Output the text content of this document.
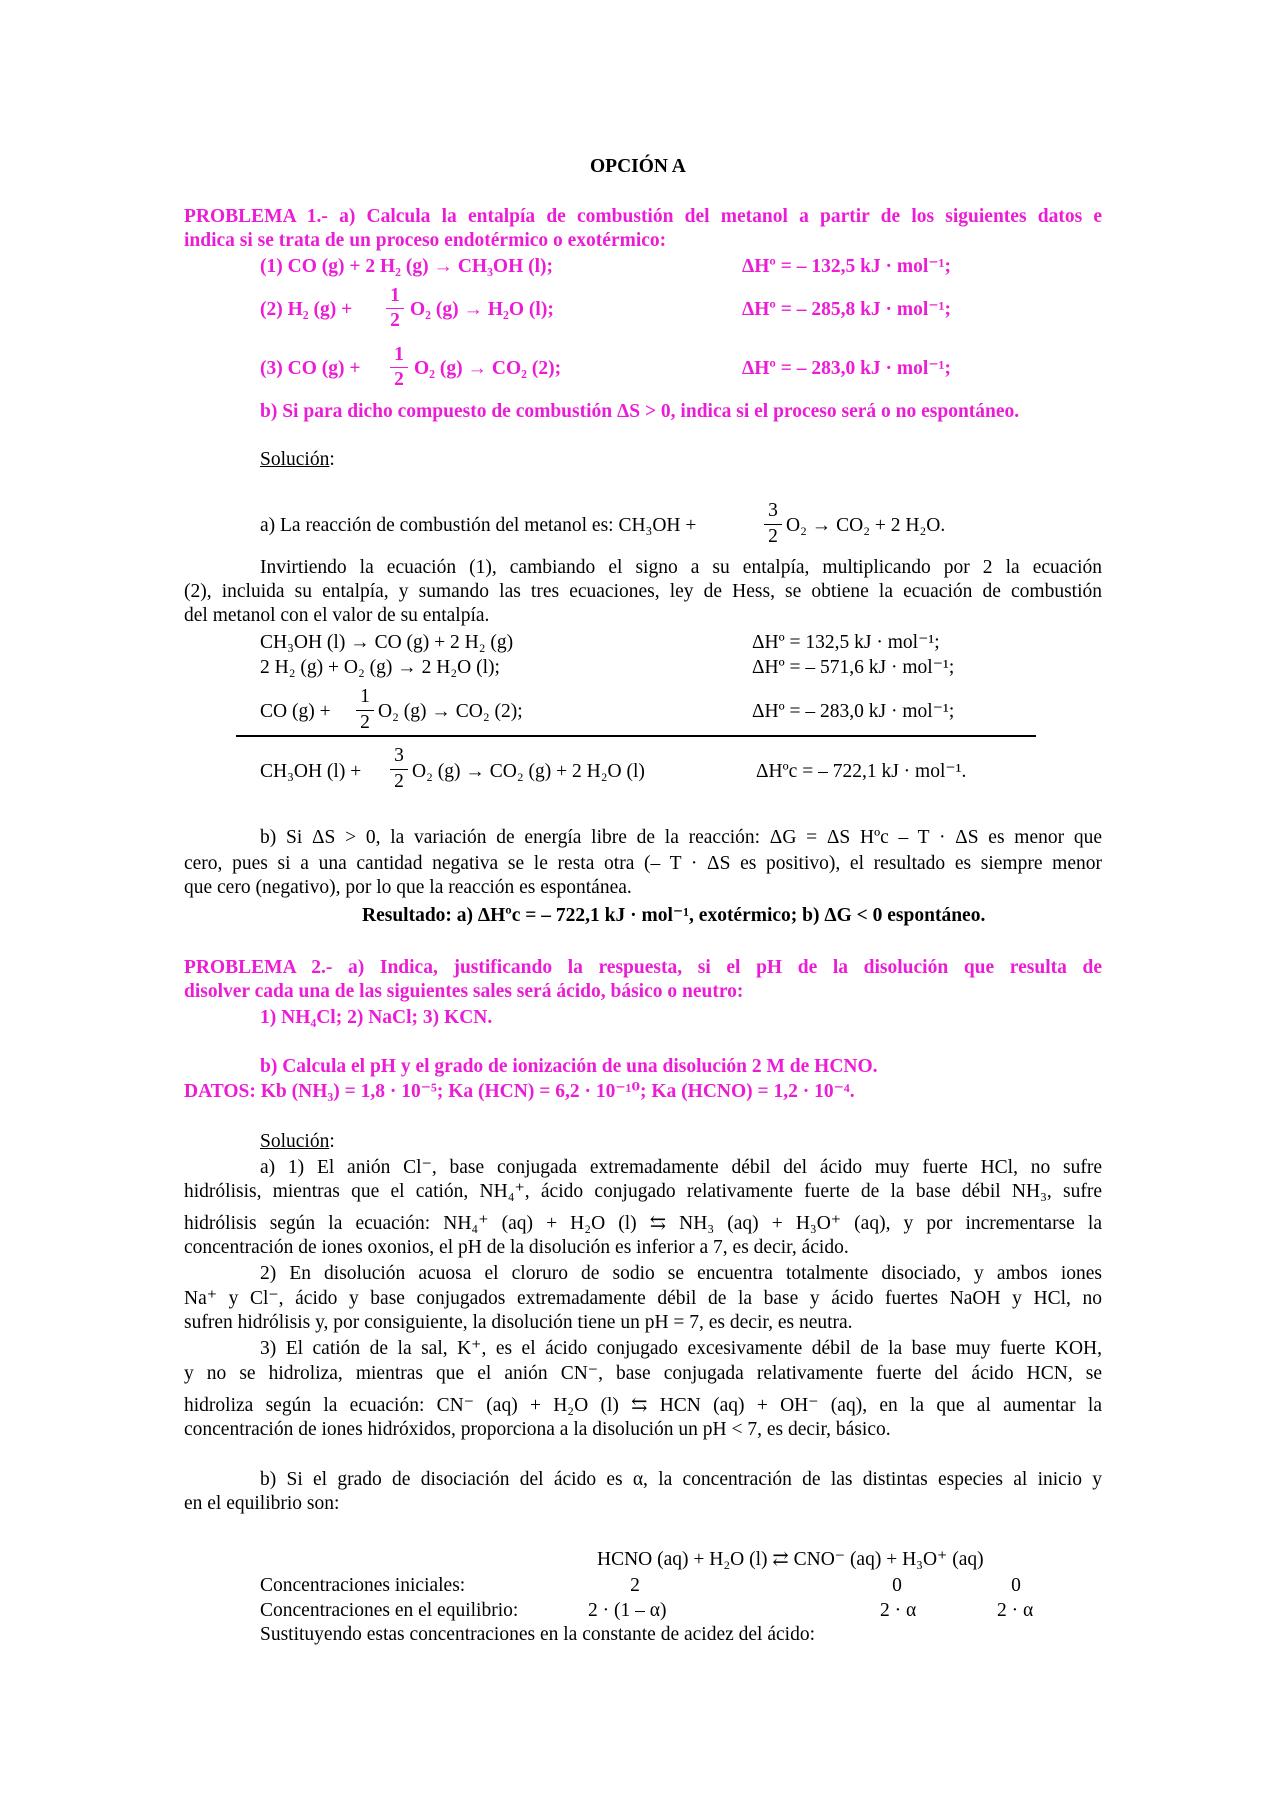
OPCIÓN A
PROBLEMA 1.- a) Calcula la entalpía de combustión del metanol a partir de los siguientes datos e
indica si se trata de un proceso endotérmico o exotérmico:
(1) CO (g) + 2 H₂ (g) → CH₃OH (l);	ΔHº = – 132,5 kJ · mol⁻¹;
(2) H₂ (g) +
1
2
O₂ (g) → H₂O (l);	ΔHº = – 285,8 kJ · mol⁻¹;
(3) CO (g) +
1
2
O₂ (g) → CO₂ (2);	ΔHº = – 283,0 kJ · mol⁻¹;
b) Si para dicho compuesto de combustión ΔS > 0, indica si el proceso será o no espontáneo.
Solución:
a) La reacción de combustión del metanol es: CH₃OH +
3
2
O₂ → CO₂ + 2 H₂O.
Invirtiendo la ecuación (1), cambiando el signo a su entalpía, multiplicando por 2 la ecuación
(2), incluida su entalpía, y sumando las tres ecuaciones, ley de Hess, se obtiene la ecuación de combustión
del metanol con el valor de su entalpía.
CH₃OH (l) → CO (g) + 2 H₂ (g)	ΔHº = 132,5 kJ · mol⁻¹;
2 H₂ (g) + O₂ (g) → 2 H₂O (l);	ΔHº = – 571,6 kJ · mol⁻¹;
CO (g) +
1
2
O₂ (g) → CO₂ (2);	ΔHº = – 283,0 kJ · mol⁻¹;
CH₃OH (l) +
3
2 O₂ (g) → CO₂ (g) + 2 H₂O (l)	ΔHºc = – 722,1 kJ · mol⁻¹.
b) Si ΔS > 0, la variación de energía libre de la reacción: ΔG = ΔS Hºc – T · ΔS es menor que
cero, pues si a una cantidad negativa se le resta otra (– T · ΔS es positivo), el resultado es siempre menor
que cero (negativo), por lo que la reacción es espontánea.
Resultado: a) ΔHºc = – 722,1 kJ · mol⁻¹, exotérmico; b) ΔG < 0 espontáneo.
PROBLEMA 2.- a) Indica, justificando la respuesta, si el pH de la disolución que resulta de
disolver cada una de las siguientes sales será ácido, básico o neutro:
1) NH₄Cl; 2) NaCl; 3) KCN.
b) Calcula el pH y el grado de ionización de una disolución 2 M de HCNO.
DATOS: Kb (NH₃) = 1,8 · 10⁻⁵; Ka (HCN) = 6,2 · 10⁻¹⁰; Ka (HCNO) = 1,2 · 10⁻⁴.
Solución:
a) 1) El anión Cl⁻, base conjugada extremadamente débil del ácido muy fuerte HCl, no sufre
hidrólisis, mientras que el catión, NH₄⁺, ácido conjugado relativamente fuerte de la base débil NH₃, sufre
hidrólisis según la ecuación: NH₄⁺ (aq) + H₂O (l) ⇆ NH₃ (aq) + H₃O⁺ (aq), y por incrementarse la
concentración de iones oxonios, el pH de la disolución es inferior a 7, es decir, ácido.
2) En disolución acuosa el cloruro de sodio se encuentra totalmente disociado, y ambos iones
Na⁺ y Cl⁻, ácido y base conjugados extremadamente débil de la base y ácido fuertes NaOH y HCl, no
sufren hidrólisis y, por consiguiente, la disolución tiene un pH = 7, es decir, es neutra.
3) El catión de la sal, K⁺, es el ácido conjugado excesivamente débil de la base muy fuerte KOH,
y no se hidroliza, mientras que el anión CN⁻, base conjugada relativamente fuerte del ácido HCN, se
hidroliza según la ecuación: CN⁻ (aq) + H₂O (l) ⇆ HCN (aq) + OH⁻ (aq), en la que al aumentar la
concentración de iones hidróxidos, proporciona a la disolución un pH < 7, es decir, básico.
b) Si el grado de disociación del ácido es α, la concentración de las distintas especies al inicio y
en el equilibrio son:
HCNO (aq) + H₂O (l) ⇄ CNO⁻ (aq) + H₃O⁺ (aq)
Concentraciones iniciales:	2	0	0
Concentraciones en el equilibrio:	2 · (1 – α)	2 · α	2 · α
Sustituyendo estas concentraciones en la constante de acidez del ácido:
